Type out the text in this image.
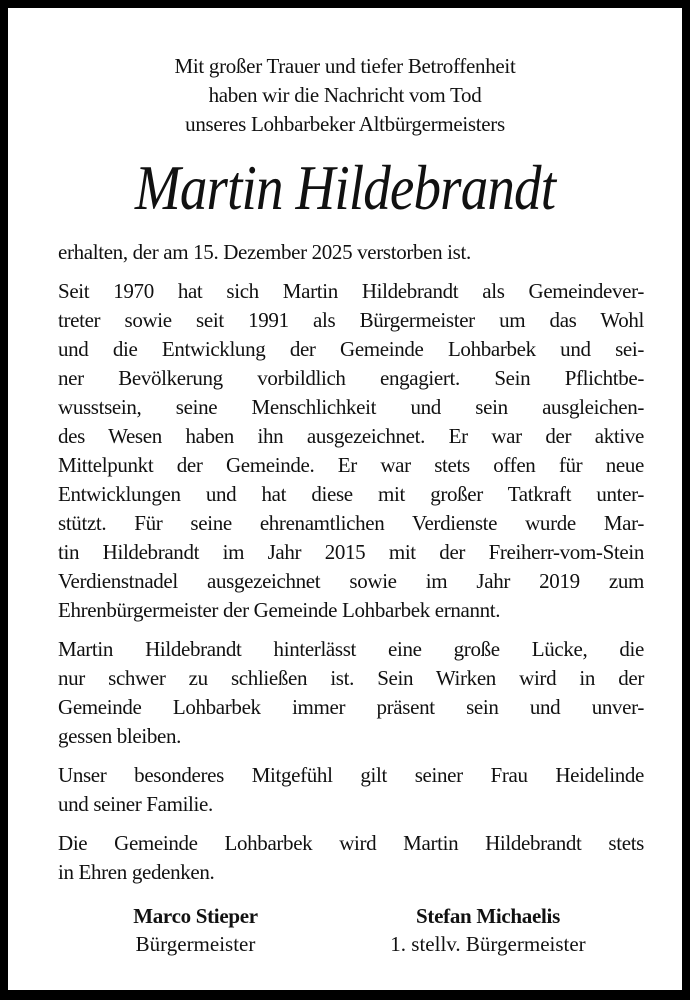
Mit großer Trauer und tiefer Betroffenheit
haben wir die Nachricht vom Tod
unseres Lohbarbeker Altbürgermeisters
Martin Hildebrandt
erhalten, der am 15. Dezember 2025 verstorben ist.
Seit 1970 hat sich Martin Hildebrandt als Gemeindever-
treter sowie seit 1991 als Bürgermeister um das Wohl
und die Entwicklung der Gemeinde Lohbarbek und sei-
ner Bevölkerung vorbildlich engagiert. Sein Pflichtbe-
wusstsein, seine Menschlichkeit und sein ausgleichen-
des Wesen haben ihn ausgezeichnet. Er war der aktive
Mittelpunkt der Gemeinde. Er war stets offen für neue
Entwicklungen und hat diese mit großer Tatkraft unter-
stützt. Für seine ehrenamtlichen Verdienste wurde Mar-
tin Hildebrandt im Jahr 2015 mit der Freiherr-vom-Stein
Verdienstnadel ausgezeichnet sowie im Jahr 2019 zum
Ehrenbürgermeister der Gemeinde Lohbarbek ernannt.
Martin Hildebrandt hinterlässt eine große Lücke, die
nur schwer zu schließen ist. Sein Wirken wird in der
Gemeinde Lohbarbek immer präsent sein und unver-
gessen bleiben.
Unser besonderes Mitgefühl gilt seiner Frau Heidelinde
und seiner Familie.
Die Gemeinde Lohbarbek wird Martin Hildebrandt stets
in Ehren gedenken.
Marco Stieper
Bürgermeister
Stefan Michaelis
1. stellv. Bürgermeister
